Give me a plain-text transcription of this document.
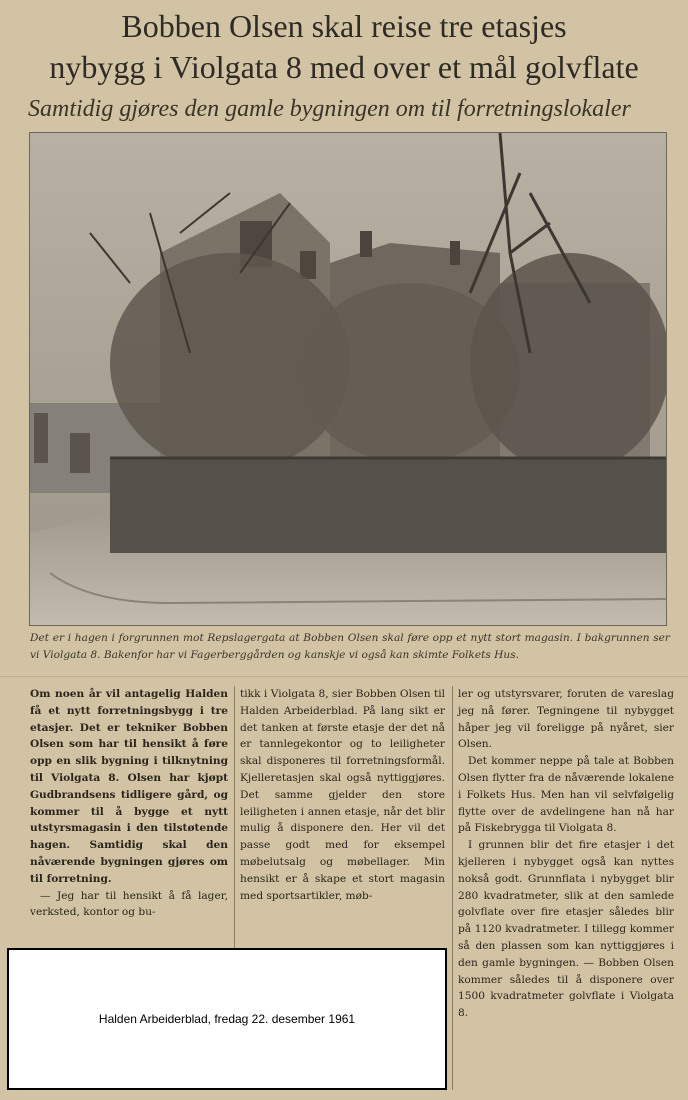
Bobben Olsen skal reise tre etasjes
nybygg i Violgata 8 med over et mål golvflate
Samtidig gjøres den gamle bygningen om til forretningslokaler
Det er i hagen i forgrunnen mot Repslagergata at Bobben Olsen skal føre opp et nytt stort magasin. I bakgrunnen ser vi Violgata 8. Bakenfor har vi Fagerberggården og kanskje vi også kan skimte Folkets Hus.

Om noen år vil antagelig Halden få et nytt forretningsbygg i tre etasjer. Det er tekniker Bobben Olsen som har til hensikt å føre opp en slik bygning i tilknytning til Violgata 8. Olsen har kjøpt Gudbrandsens tidligere gård, og kommer til å bygge et nytt utstyrsmagasin i den tilstøtende hagen. Samtidig skal den nåværende bygningen gjøres om til forretning.

— Jeg har til hensikt å få lager, verksted, kontor og bu-

tikk i Violgata 8, sier Bobben Olsen til Halden Arbeiderblad. På lang sikt er det tanken at første etasje der det nå er tannlegekontor og to leiligheter skal disponeres til forretningsformål. Kjelleretasjen skal også nyttiggjøres. Det samme gjelder den store leiligheten i annen etasje, når det blir mulig å disponere den. Her vil det passe godt med for eksempel møbelutsalg og møbellager. Min hensikt er å skape et stort magasin med sportsartikler, møb-

ler og utstyrsvarer, foruten de vareslag jeg nå fører. Tegningene til nybygget håper jeg vil foreligge på nyåret, sier Olsen.

Det kommer neppe på tale at Bobben Olsen flytter fra de nåværende lokalene i Folkets Hus. Men han vil selvfølgelig flytte over de avdelingene han nå har på Fiskebrygga til Violgata 8.

I grunnen blir det fire etasjer i det kjelleren i nybygget også kan nyttes nokså godt. Grunnflata i nybygget blir 280 kvadratmeter, slik at den samlede golvflate over fire etasjer således blir på 1120 kvadratmeter. I tillegg kommer så den plassen som kan nyttiggjøres i den gamle bygningen. — Bobben Olsen kommer således til å disponere over 1500 kvadratmeter golvflate i Violgata 8.

Halden Arbeiderblad, fredag 22. desember 1961
